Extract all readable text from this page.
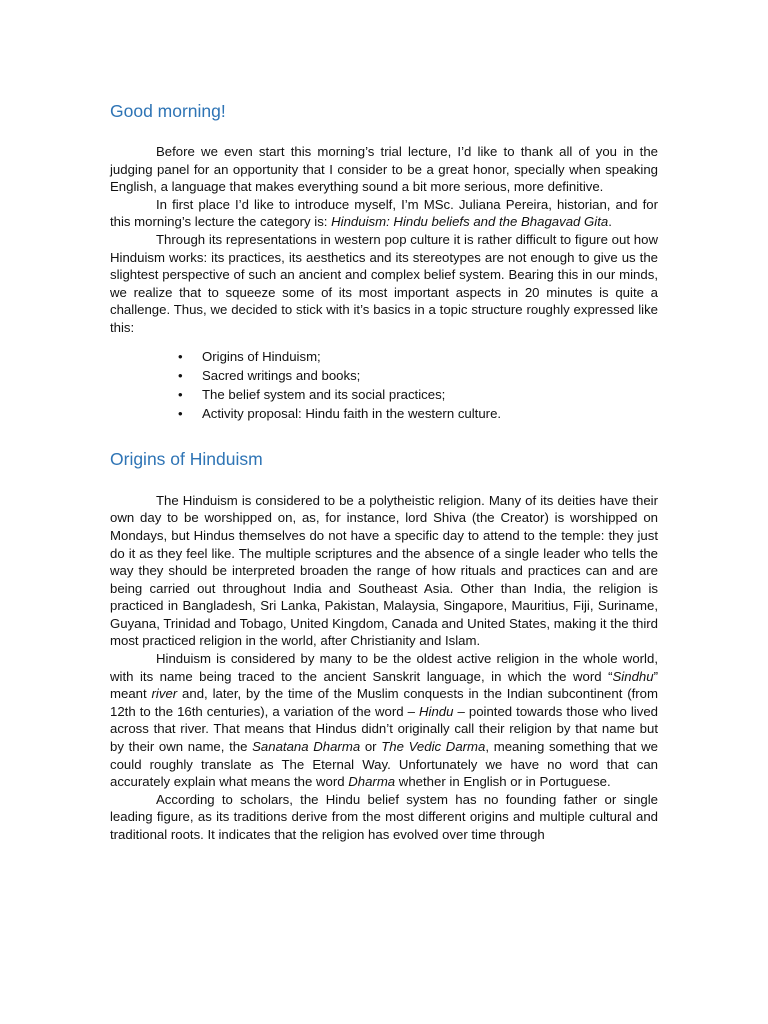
Good morning!

Before we even start this morning’s trial lecture, I’d like to thank all of you in the judging panel for an opportunity that I consider to be a great honor, specially when speaking English, a language that makes everything sound a bit more serious, more definitive.

In first place I’d like to introduce myself, I’m MSc. Juliana Pereira, historian, and for this morning’s lecture the category is: Hinduism: Hindu beliefs and the Bhagavad Gita.

Through its representations in western pop culture it is rather difficult to figure out how Hinduism works: its practices, its aesthetics and its stereotypes are not enough to give us the slightest perspective of such an ancient and complex belief system. Bearing this in our minds, we realize that to squeeze some of its most important aspects in 20 minutes is quite a challenge. Thus, we decided to stick with it’s basics in a topic structure roughly expressed like this:

• Origins of Hinduism;
• Sacred writings and books;
• The belief system and its social practices;
• Activity proposal: Hindu faith in the western culture.
Origins of Hinduism

The Hinduism is considered to be a polytheistic religion. Many of its deities have their own day to be worshipped on, as, for instance, lord Shiva (the Creator) is worshipped on Mondays, but Hindus themselves do not have a specific day to attend to the temple: they just do it as they feel like. The multiple scriptures and the absence of a single leader who tells the way they should be interpreted broaden the range of how rituals and practices can and are being carried out throughout India and Southeast Asia. Other than India, the religion is practiced in Bangladesh, Sri Lanka, Pakistan, Malaysia, Singapore, Mauritius, Fiji, Suriname, Guyana, Trinidad and Tobago, United Kingdom, Canada and United States, making it the third most practiced religion in the world, after Christianity and Islam.

Hinduism is considered by many to be the oldest active religion in the whole world, with its name being traced to the ancient Sanskrit language, in which the word “Sindhu” meant river and, later, by the time of the Muslim conquests in the Indian subcontinent (from 12th to the 16th centuries), a variation of the word – Hindu – pointed towards those who lived across that river. That means that Hindus didn’t originally call their religion by that name but by their own name, the Sanatana Dharma or The Vedic Darma, meaning something that we could roughly translate as The Eternal Way. Unfortunately we have no word that can accurately explain what means the word Dharma whether in English or in Portuguese.

According to scholars, the Hindu belief system has no founding father or single leading figure, as its traditions derive from the most different origins and multiple cultural and traditional roots. It indicates that the religion has evolved over time through
